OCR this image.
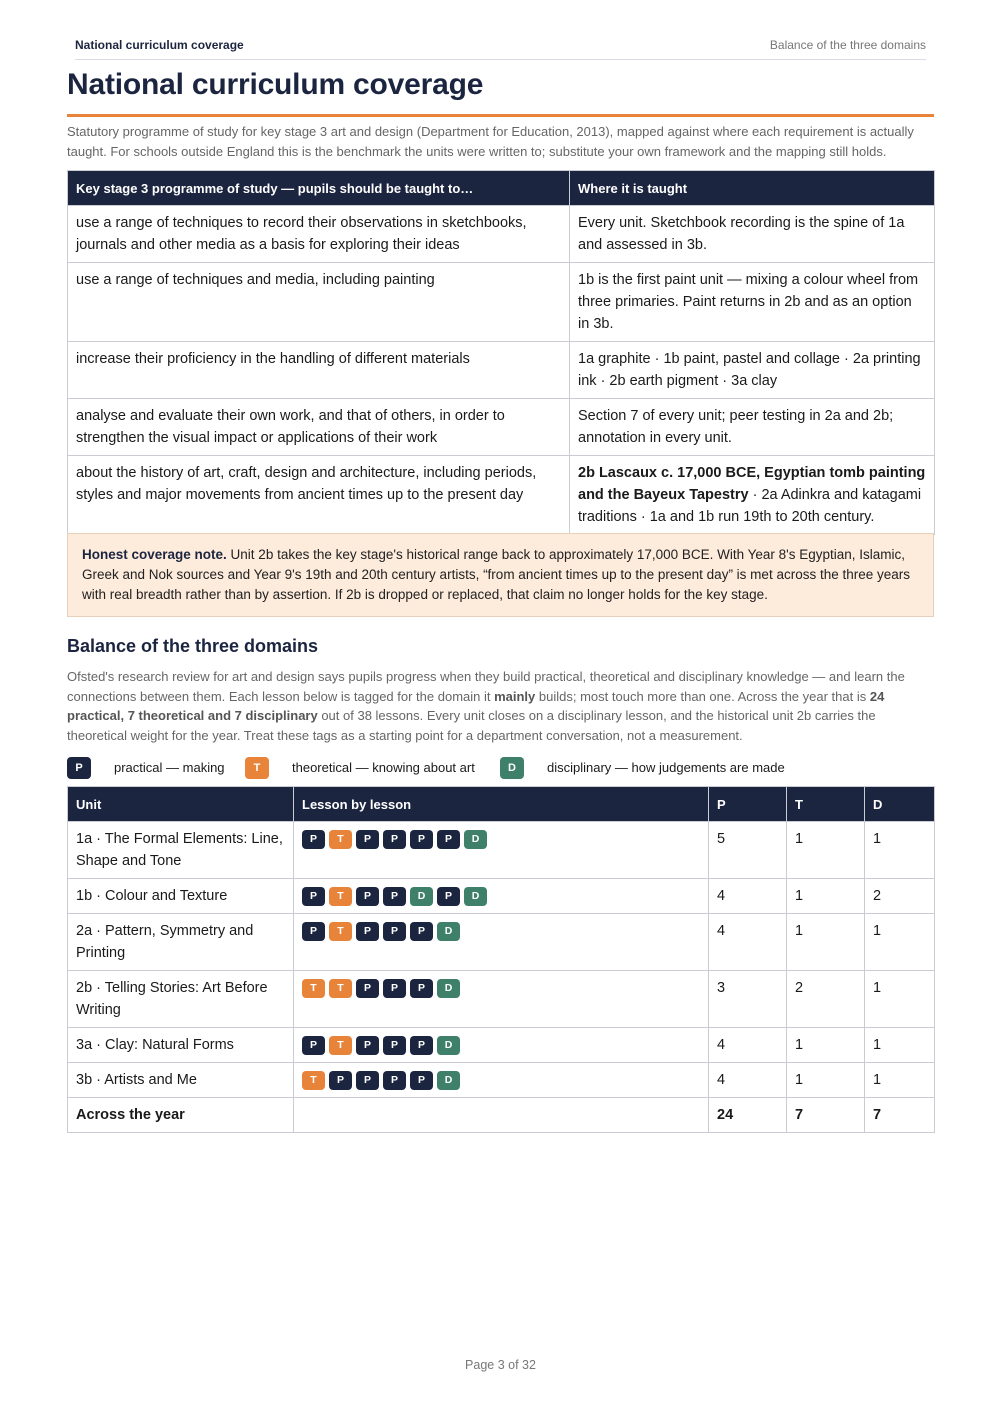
National curriculum coverage	Balance of the three domains
National curriculum coverage
Statutory programme of study for key stage 3 art and design (Department for Education, 2013), mapped against where each requirement is actually taught. For schools outside England this is the benchmark the units were written to; substitute your own framework and the mapping still holds.
Key stage 3 programme of study — pupils should be taught to…	Where it is taught
use a range of techniques to record their observations in sketchbooks, journals and other media as a basis for exploring their ideas	Every unit. Sketchbook recording is the spine of 1a and assessed in 3b.
use a range of techniques and media, including painting	1b is the first paint unit — mixing a colour wheel from three primaries. Paint returns in 2b and as an option in 3b.
increase their proficiency in the handling of different materials	1a graphite · 1b paint, pastel and collage · 2a printing ink · 2b earth pigment · 3a clay
analyse and evaluate their own work, and that of others, in order to strengthen the visual impact or applications of their work	Section 7 of every unit; peer testing in 2a and 2b; annotation in every unit.
about the history of art, craft, design and architecture, including periods, styles and major movements from ancient times up to the present day	2b Lascaux c. 17,000 BCE, Egyptian tomb painting and the Bayeux Tapestry · 2a Adinkra and katagami traditions · 1a and 1b run 19th to 20th century.
Honest coverage note. Unit 2b takes the key stage's historical range back to approximately 17,000 BCE. With Year 8's Egyptian, Islamic, Greek and Nok sources and Year 9's 19th and 20th century artists, “from ancient times up to the present day” is met across the three years with real breadth rather than by assertion. If 2b is dropped or replaced, that claim no longer holds for the key stage.
Balance of the three domains
Ofsted's research review for art and design says pupils progress when they build practical, theoretical and disciplinary knowledge — and learn the connections between them. Each lesson below is tagged for the domain it mainly builds; most touch more than one. Across the year that is 24 practical, 7 theoretical and 7 disciplinary out of 38 lessons. Every unit closes on a disciplinary lesson, and the historical unit 2b carries the theoretical weight for the year. Treat these tags as a starting point for a department conversation, not a measurement.
P	practical — making	T	theoretical — knowing about art	D	disciplinary — how judgements are made
Unit	Lesson by lesson	P	T	D
1a · The Formal Elements: Line, Shape and Tone	P T P P P P D	5	1	1
1b · Colour and Texture	P T P P D P D	4	1	2
2a · Pattern, Symmetry and Printing	P T P P P D	4	1	1
2b · Telling Stories: Art Before Writing	T T P P P D	3	2	1
3a · Clay: Natural Forms	P T P P P D	4	1	1
3b · Artists and Me	T P P P P D	4	1	1
Across the year		24	7	7
Page 3 of 32
